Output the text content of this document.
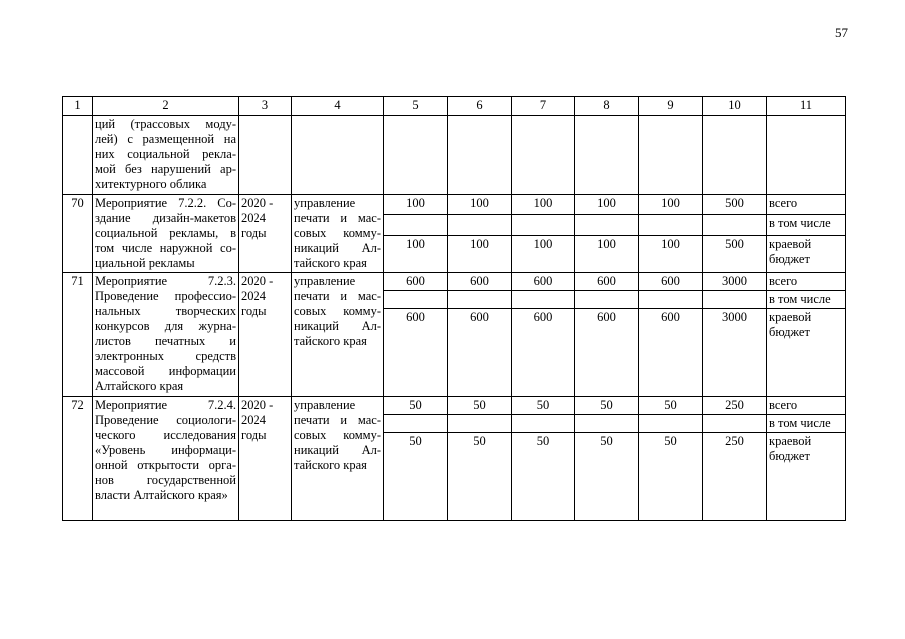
57
1	2	3	4	5	6	7	8	9	10	11
	ций (трассовых моду- лей) с размещенной на них социальной рекла- мой без нарушений ар- хитектурного облика									
70	Мероприятие 7.2.2. Со- здание дизайн-макетов социальной рекламы, в том числе наружной со- циальной рекламы	2020 - 2024 годы	управление печати и мас- совых комму- никаций Ал- тайского края	100	100	100	100	100	500	всего
										в том числе
				100	100	100	100	100	500	краевой бюджет
71	Мероприятие 7.2.3. Проведение профессио- нальных творческих конкурсов для журна- листов печатных и электронных средств массовой информации Алтайского края	2020 - 2024 годы	управление печати и мас- совых комму- никаций Ал- тайского края	600	600	600	600	600	3000	всего
										в том числе
				600	600	600	600	600	3000	краевой бюджет
72	Мероприятие 7.2.4. Проведение социологи- ческого исследования «Уровень информаци- онной открытости орга- нов государственной власти Алтайского края»	2020 - 2024 годы	управление печати и мас- совых комму- никаций Ал- тайского края	50	50	50	50	50	250	всего
										в том числе
				50	50	50	50	50	250	краевой бюджет
